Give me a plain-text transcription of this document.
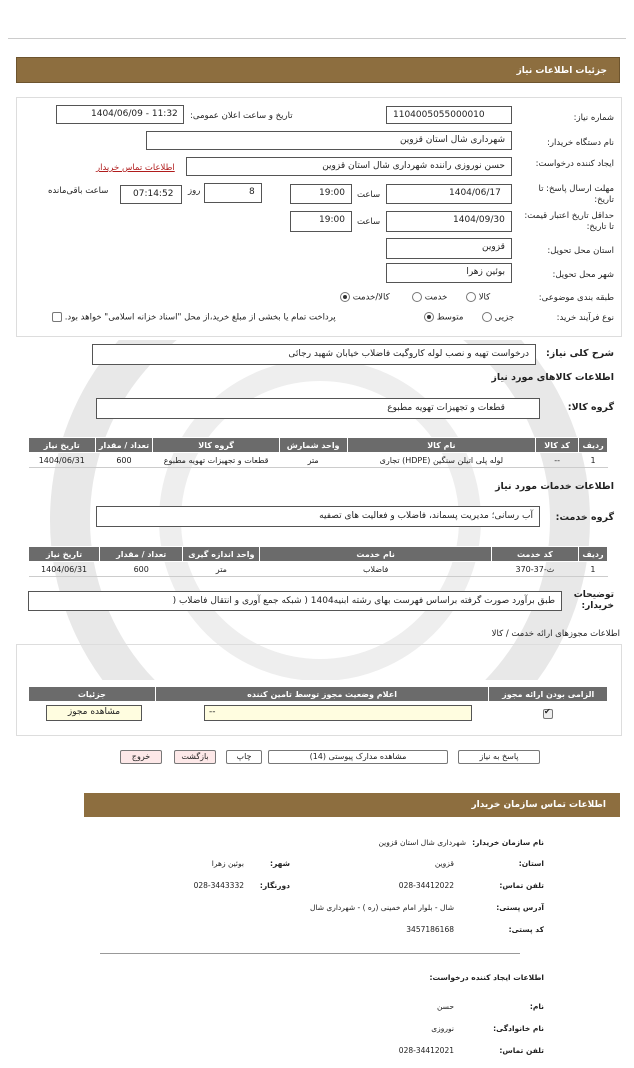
جزئیات اطلاعات نیاز
شماره نیاز:
1104005055000010
تاریخ و ساعت اعلان عمومی:
1404/06/09 - 11:32
نام دستگاه خریدار:
شهرداری شال استان قزوین
ایجاد کننده درخواست:
حسن نوروزی راننده شهرداری شال استان قزوین
اطلاعات تماس خریدار
مهلت ارسال پاسخ: تا تاریخ:
1404/06/17
ساعت
19:00
8
روز
07:14:52
ساعت باقی‌مانده
حداقل تاریخ اعتبار قیمت: تا تاریخ:
1404/09/30
ساعت
19:00
استان محل تحویل:
قزوین
شهر محل تحویل:
بوئین زهرا
طبقه بندی موضوعی:
کالا
خدمت
کالا/خدمت
نوع فرآیند خرید:
جزیی
متوسط
پرداخت تمام یا بخشی از مبلغ خرید،از محل "اسناد خزانه اسلامی" خواهد بود.
شرح کلی نیاز:
درخواست تهیه و نصب لوله کاروگیت فاضلاب خیابان شهید رجائی
اطلاعات کالاهای مورد نیاز
گروه کالا:
قطعات و تجهیزات تهویه مطبوع
ردیف	کد کالا	نام کالا	واحد شمارش	گروه کالا	تعداد / مقدار	تاریخ نیاز
1	--	لوله پلی اتیلن سنگین (HDPE) تجاری	متر	قطعات و تجهیزات تهویه مطبوع	600	1404/06/31
اطلاعات خدمات مورد نیاز
گروه خدمت:
آب رسانی؛ مدیریت پسماند، فاضلاب و فعالیت های تصفیه
ردیف	کد خدمت	نام خدمت	واحد اندازه گیری	تعداد / مقدار	تاریخ نیاز
1	ث-37-370	فاضلاب	متر	600	1404/06/31
توضیحات خریدار:
طبق برآورد صورت گرفته براساس فهرست بهای رشته ابنیه1404 ( شبکه جمع آوری و انتقال فاضلاب (
اطلاعات مجوزهای ارائه خدمت / کالا
الزامی بودن ارائه مجوز	اعلام وضعیت مجوز توسط تامین کننده	جزئیات
✔
--
مشاهده مجوز
پاسخ به نیاز
مشاهده مدارک پیوستی (14)
چاپ
بازگشت
خروج
اطلاعات تماس سازمان خریدار
نام سازمان خریدار:
شهرداری شال استان قزوین
استان:
قزوین
شهر:
بوئین زهرا
تلفن تماس:
028-34412022
دورنگار:
028-3443332
آدرس پستی:
شال - بلوار امام خمینی (ره ) - شهرداری شال
کد پستی:
3457186168
اطلاعات ایجاد کننده درخواست:
نام:
حسن
نام خانوادگی:
نوروزی
تلفن تماس:
028-34412021
